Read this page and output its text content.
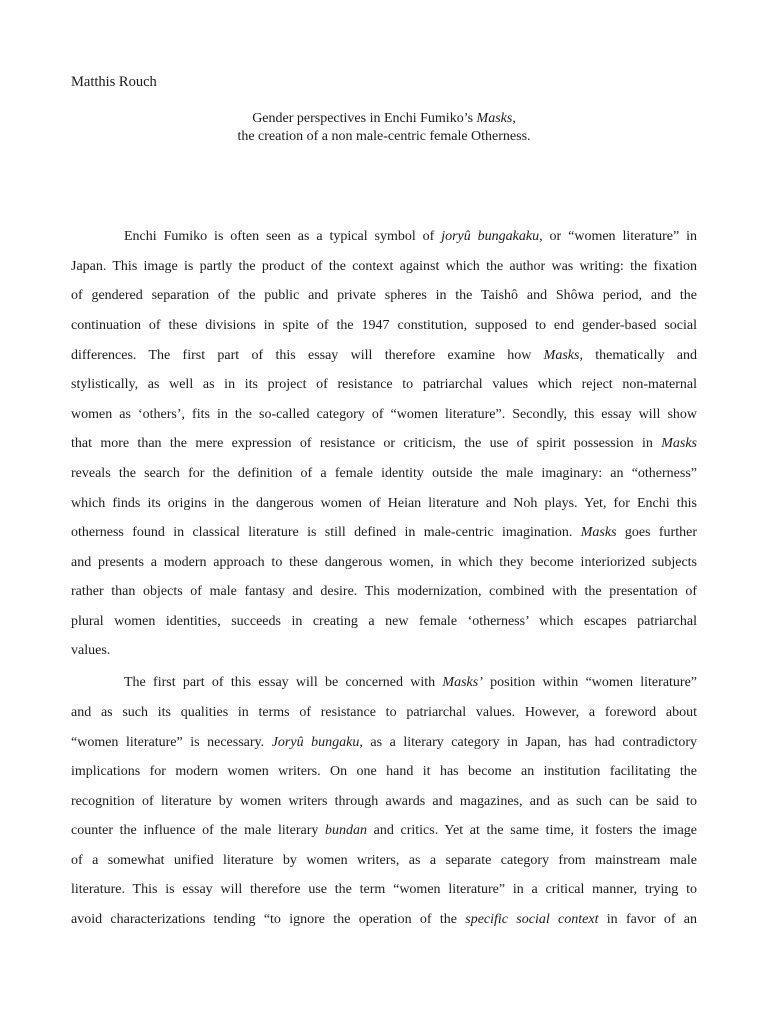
Matthis Rouch
Gender perspectives in Enchi Fumiko’s Masks,
the creation of a non male-centric female Otherness.
Enchi Fumiko is often seen as a typical symbol of joryû bungakaku, or “women literature” in
Japan. This image is partly the product of the context against which the author was writing: the fixation
of gendered separation of the public and private spheres in the Taishô and Shôwa period, and the
continuation of these divisions in spite of the 1947 constitution, supposed to end gender-based social
differences. The first part of this essay will therefore examine how Masks, thematically and
stylistically, as well as in its project of resistance to patriarchal values which reject non-maternal
women as ‘others’, fits in the so-called category of “women literature”. Secondly, this essay will show
that more than the mere expression of resistance or criticism, the use of spirit possession in Masks
reveals the search for the definition of a female identity outside the male imaginary: an “otherness”
which finds its origins in the dangerous women of Heian literature and Noh plays. Yet, for Enchi this
otherness found in classical literature is still defined in male-centric imagination. Masks goes further
and presents a modern approach to these dangerous women, in which they become interiorized subjects
rather than objects of male fantasy and desire. This modernization, combined with the presentation of
plural women identities, succeeds in creating a new female ‘otherness’ which escapes patriarchal
values.
The first part of this essay will be concerned with Masks’ position within “women literature”
and as such its qualities in terms of resistance to patriarchal values. However, a foreword about
“women literature” is necessary. Joryû bungaku, as a literary category in Japan, has had contradictory
implications for modern women writers. On one hand it has become an institution facilitating the
recognition of literature by women writers through awards and magazines, and as such can be said to
counter the influence of the male literary bundan and critics. Yet at the same time, it fosters the image
of a somewhat unified literature by women writers, as a separate category from mainstream male
literature. This is essay will therefore use the term “women literature” in a critical manner, trying to
avoid characterizations tending “to ignore the operation of the specific social context in favor of an
